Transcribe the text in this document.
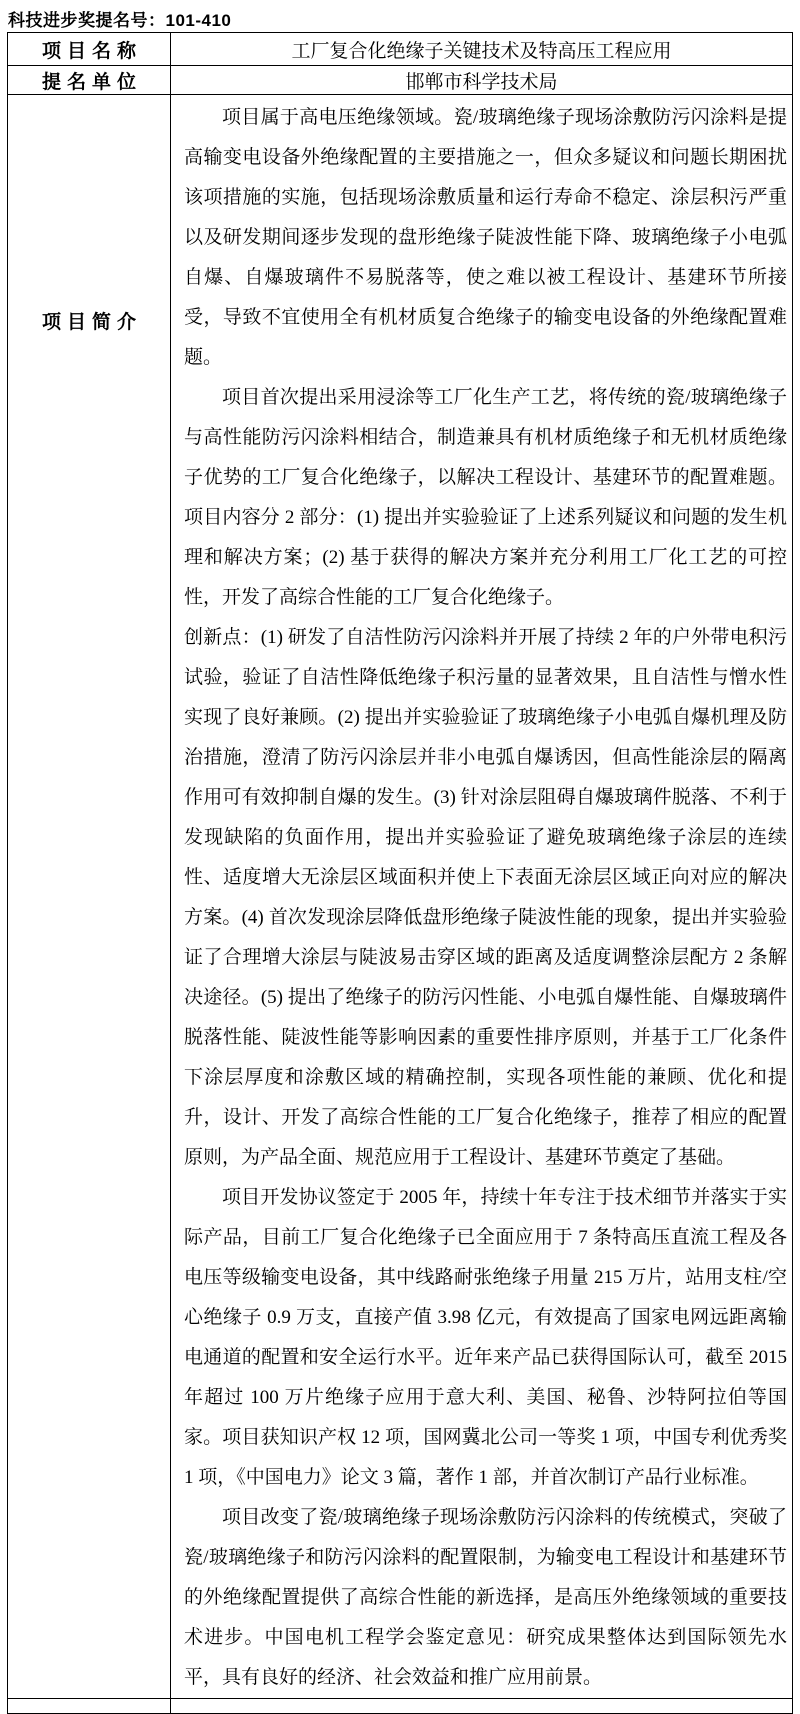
科技进步奖提名号：101-410
项目名称	工厂复合化绝缘子关键技术及特高压工程应用
提名单位	邯郸市科学技术局
项目简介	项目属于高电压绝缘领域。瓷/玻璃绝缘子现场涂敷防污闪涂料是提高输变电设备外绝缘配置的主要措施之一，但众多疑议和问题长期困扰该项措施的实施，包括现场涂敷质量和运行寿命不稳定、涂层积污严重以及研发期间逐步发现的盘形绝缘子陡波性能下降、玻璃绝缘子小电弧自爆、自爆玻璃件不易脱落等，使之难以被工程设计、基建环节所接受，导致不宜使用全有机材质复合绝缘子的输变电设备的外绝缘配置难题。

项目首次提出采用浸涂等工厂化生产工艺，将传统的瓷/玻璃绝缘子与高性能防污闪涂料相结合，制造兼具有机材质绝缘子和无机材质绝缘子优势的工厂复合化绝缘子，以解决工程设计、基建环节的配置难题。项目内容分 2 部分：(1) 提出并实验验证了上述系列疑议和问题的发生机理和解决方案；(2) 基于获得的解决方案并充分利用工厂化工艺的可控性，开发了高综合性能的工厂复合化绝缘子。

创新点：(1) 研发了自洁性防污闪涂料并开展了持续 2 年的户外带电积污试验，验证了自洁性降低绝缘子积污量的显著效果，且自洁性与憎水性实现了良好兼顾。(2) 提出并实验验证了玻璃绝缘子小电弧自爆机理及防治措施，澄清了防污闪涂层并非小电弧自爆诱因，但高性能涂层的隔离作用可有效抑制自爆的发生。(3) 针对涂层阻碍自爆玻璃件脱落、不利于发现缺陷的负面作用，提出并实验验证了避免玻璃绝缘子涂层的连续性、适度增大无涂层区域面积并使上下表面无涂层区域正向对应的解决方案。(4) 首次发现涂层降低盘形绝缘子陡波性能的现象，提出并实验验证了合理增大涂层与陡波易击穿区域的距离及适度调整涂层配方 2 条解决途径。(5) 提出了绝缘子的防污闪性能、小电弧自爆性能、自爆玻璃件脱落性能、陡波性能等影响因素的重要性排序原则，并基于工厂化条件下涂层厚度和涂敷区域的精确控制，实现各项性能的兼顾、优化和提升，设计、开发了高综合性能的工厂复合化绝缘子，推荐了相应的配置原则，为产品全面、规范应用于工程设计、基建环节奠定了基础。

项目开发协议签定于 2005 年，持续十年专注于技术细节并落实于实际产品，目前工厂复合化绝缘子已全面应用于 7 条特高压直流工程及各电压等级输变电设备，其中线路耐张绝缘子用量 215 万片，站用支柱/空心绝缘子 0.9 万支，直接产值 3.98 亿元，有效提高了国家电网远距离输电通道的配置和安全运行水平。近年来产品已获得国际认可，截至 2015 年超过 100 万片绝缘子应用于意大利、美国、秘鲁、沙特阿拉伯等国家。项目获知识产权 12 项，国网冀北公司一等奖 1 项，中国专利优秀奖 1 项，《中国电力》论文 3 篇，著作 1 部，并首次制订产品行业标准。

项目改变了瓷/玻璃绝缘子现场涂敷防污闪涂料的传统模式，突破了瓷/玻璃绝缘子和防污闪涂料的配置限制，为输变电工程设计和基建环节的外绝缘配置提供了高综合性能的新选择，是高压外绝缘领域的重要技术进步。中国电机工程学会鉴定意见：研究成果整体达到国际领先水平，具有良好的经济、社会效益和推广应用前景。
